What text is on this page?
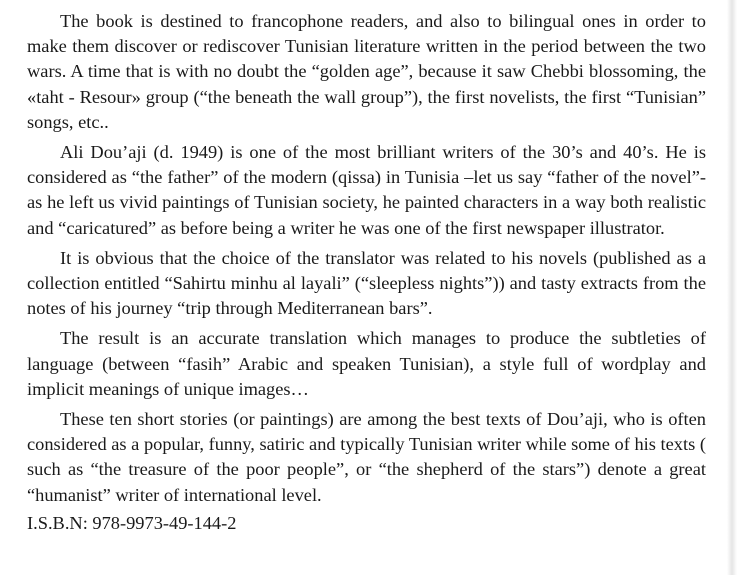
The book is destined to francophone readers, and also to bilingual ones in order to make them discover or rediscover Tunisian literature written in the period between the two wars. A time that is with no doubt the “golden age”, because it saw Chebbi blossoming, the «taht - Resour» group (“the beneath the wall group”), the first novelists, the first “Tunisian” songs, etc..

Ali Dou’aji (d. 1949) is one of the most brilliant writers of the 30’s and 40’s. He is considered as “the father” of the modern (qissa) in Tunisia –let us say “father of the novel”- as he left us vivid paintings of Tunisian society, he painted characters in a way both realistic and “caricatured” as before being a writer he was one of the first newspaper illustrator.

It is obvious that the choice of the translator was related to his novels (published as a collection entitled “Sahirtu minhu al layali” (“sleepless nights”)) and tasty extracts from the notes of his journey “trip through Mediterranean bars”.

The result is an accurate translation which manages to produce the subtleties of language (between “fasih” Arabic and speaken Tunisian), a style full of wordplay and implicit meanings of unique images…

These ten short stories (or paintings) are among the best texts of Dou’aji, who is often considered as a popular, funny, satiric and typically Tunisian writer while some of his texts ( such as “the treasure of the poor people”, or “the shepherd of the stars”) denote a great “humanist” writer of international level.

I.S.B.N: 978-9973-49-144-2
